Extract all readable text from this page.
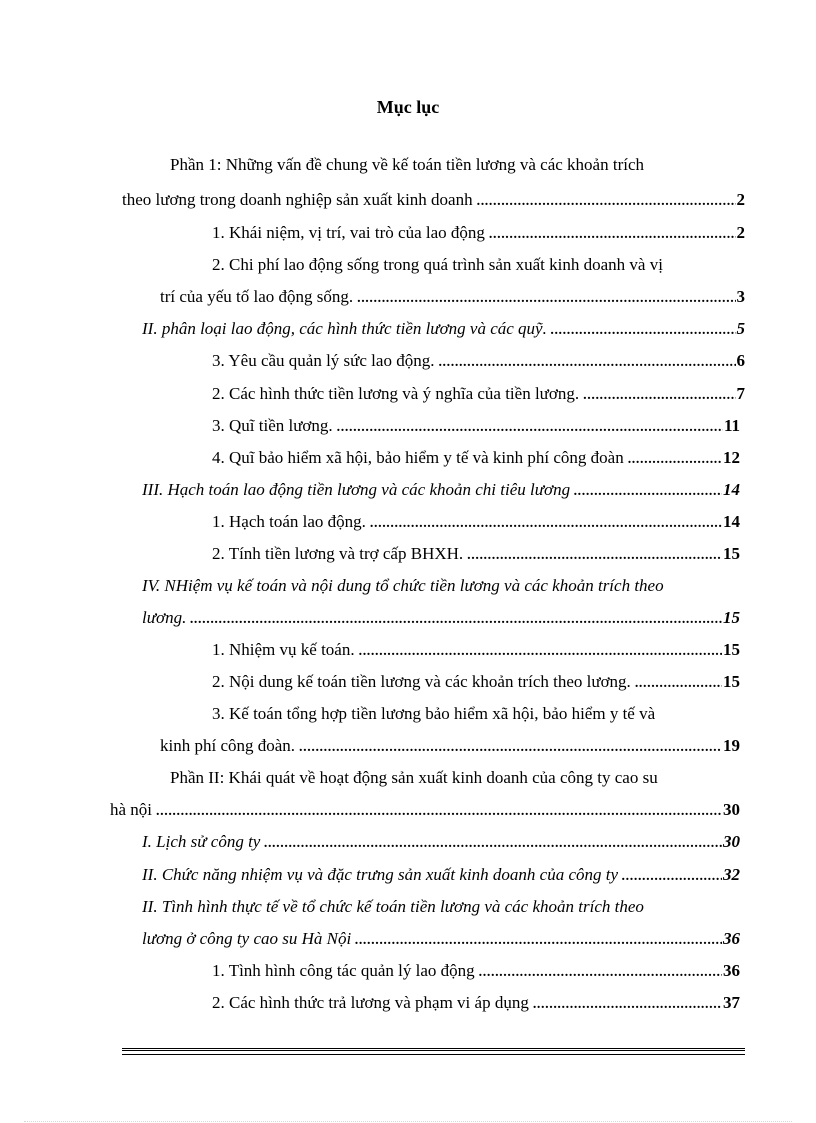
Mục lục
Phần 1: Những vấn đề chung về kế toán tiền lương và các khoản trích
theo lương trong doanh nghiệp sản xuất kinh doanh .....	2
1. Khái niệm, vị trí, vai trò của lao động .....	2
2. Chi phí lao động sống trong quá trình sản xuất kinh doanh và vị
trí của yếu tố lao động sống. .....	3
II. phân loại lao động, các hình thức tiền lương và các quỹ. .....	5
3. Yêu cầu quản lý sức lao động. .....	6
2. Các hình thức tiền lương và ý nghĩa của tiền lương. .....	7
3. Quĩ tiền lương. .....	11
4. Quĩ bảo hiểm xã hội, bảo hiểm y tế và kinh phí công đoàn .....	12
III. Hạch toán lao động tiền lương và các khoản chi tiêu lương .....	14
1. Hạch toán lao động. .....	14
2. Tính tiền lương và trợ cấp BHXH. .....	15
IV. NHiệm vụ kế toán và nội dung tổ chức tiền lương và các khoản trích theo
lương. .....	15
1. Nhiệm vụ kế toán. .....	15
2. Nội dung kế toán tiền lương và các khoản trích theo lương. .....	15
3. Kế toán tổng hợp tiền lương bảo hiểm xã hội, bảo hiểm y tế và
kinh phí công đoàn. .....	19
Phần II: Khái quát về hoạt động sản xuất kinh doanh của công ty cao su
hà nội .....	30
I. Lịch sử công ty .....	30
II. Chức năng nhiệm vụ và đặc trưng sản xuất kinh doanh của công ty .....	32
II. Tình hình thực tế về tổ chức kế toán tiền lương và các khoản trích theo
lương ở công ty cao su Hà Nội .....	36
1. Tình hình công tác quản lý lao động .....	36
2. Các hình thức trả lương và phạm vi áp dụng .....	37
